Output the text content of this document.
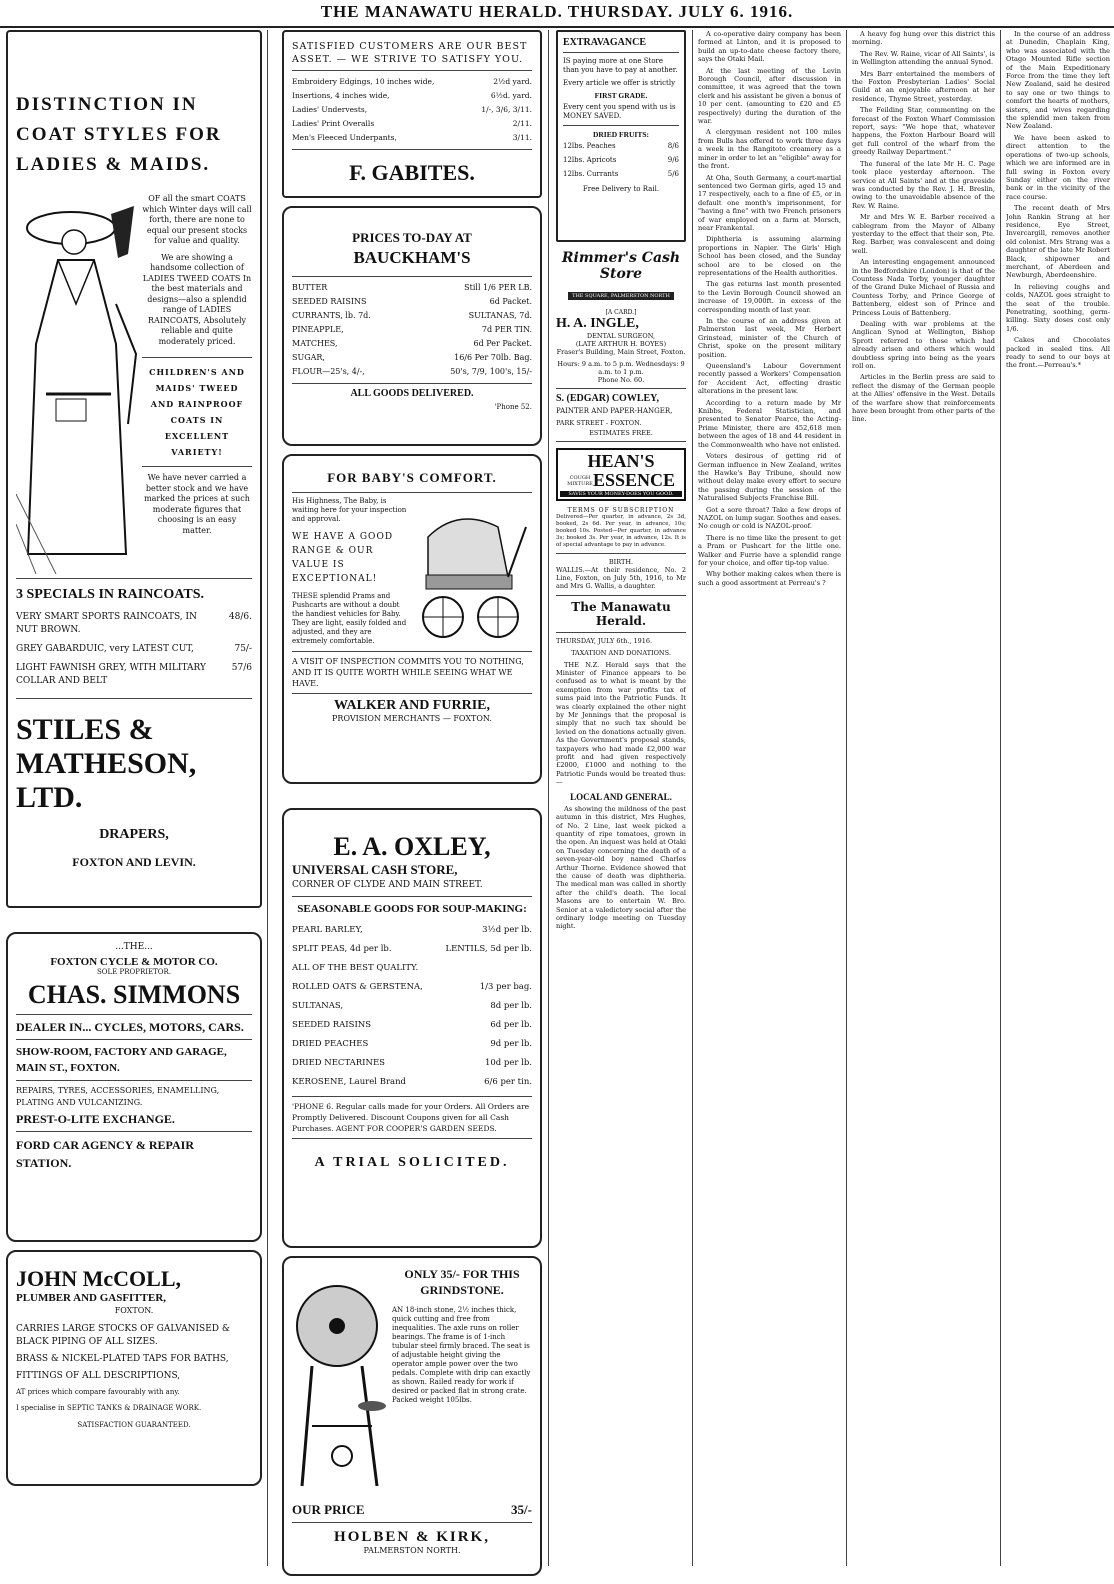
THE MANAWATU HERALD. THURSDAY. JULY 6. 1916.
DISTINCTION IN COAT STYLES FOR LADIES & MAIDS.

OF all the smart COATS which Winter days will call forth, there are none to equal our present stocks for value and quality.

We are showing a handsome collection of LADIES TWEED COATS In the best materials and designs—also a splendid range of LADIES RAINCOATS, Absolutely reliable and quite moderately priced.

CHILDREN'S AND MAIDS' TWEED AND RAINPROOF COATS IN EXCELLENT VARIETY!

We have never carried a better stock and we have marked the prices at such moderate figures that choosing is an easy matter.

3 SPECIALS IN RAINCOATS.
VERY SMART SPORTS RAINCOATS, IN NUT BROWN.
48/6.
GREY GABARDUIC, very LATEST CUT,	75/-
LIGHT FAWNISH GREY, WITH MILITARY COLLAR AND BELT
57/6
STILES & MATHESON, LTD.
DRAPERS,
FOXTON AND LEVIN.
...THE...
FOXTON CYCLE & MOTOR CO.
SOLE PROPRIETOR.
CHAS. SIMMONS
DEALER IN... CYCLES, MOTORS, CARS.
SHOW-ROOM, FACTORY AND GARAGE, MAIN ST., FOXTON.
REPAIRS, TYRES, ACCESSORIES, ENAMELLING, PLATING AND VULCANIZING.
PREST-O-LITE EXCHANGE.
FORD CAR AGENCY & REPAIR STATION.
JOHN McCOLL,
PLUMBER AND GASFITTER,
FOXTON.
CARRIES LARGE STOCKS OF GALVANISED & BLACK PIPING OF ALL SIZES.
BRASS & NICKEL-PLATED TAPS FOR BATHS,
FITTINGS OF ALL DESCRIPTIONS,
AT prices which compare favourably with any.
I specialise in SEPTIC TANKS & DRAINAGE WORK.
SATISFACTION GUARANTEED.
SATISFIED CUSTOMERS ARE OUR BEST ASSET. — WE STRIVE TO SATISFY YOU.
Embroidery Edgings, 10 inches wide,	2½d yard.
Insertions, 4 inches wide,	6½d. yard.
Ladies' Undervests,	1/-, 3/6, 3/11.
Ladies' Print Overalls	2/11.
Men's Fleeced Underpants,	3/11.
F. GABITES.
PRICES TO-DAY AT
BAUCKHAM'S
BUTTER	Still 1/6 PER LB.
SEEDED RAISINS	6d Packet.
CURRANTS, lb. 7d.	SULTANAS, 7d.
PINEAPPLE,	7d PER TIN.
MATCHES,	6d Per Packet.
SUGAR,	16/6 Per 70lb. Bag.
FLOUR—25's, 4/-,	50's, 7/9, 100's, 15/-
ALL GOODS DELIVERED.
'Phone 52.
FOR BABY'S COMFORT.
His Highness, The Baby, is waiting here for your inspection and approval.
WE HAVE A GOOD RANGE & OUR VALUE IS EXCEPTIONAL!
THESE splendid Prams and Pushcarts are without a doubt the handiest vehicles for Baby. They are light, easily folded and adjusted, and they are extremely comfortable.
A VISIT OF INSPECTION COMMITS YOU TO NOTHING, AND IT IS QUITE WORTH WHILE SEEING WHAT WE HAVE.
WALKER AND FURRIE,
PROVISION MERCHANTS — FOXTON.
E. A. OXLEY,
UNIVERSAL CASH STORE,
CORNER OF CLYDE AND MAIN STREET.
SEASONABLE GOODS FOR SOUP-MAKING:
PEARL BARLEY,	3½d per lb.
SPLIT PEAS, 4d per lb.	LENTILS, 5d per lb.
ALL OF THE BEST QUALITY.
ROLLED OATS & GERSTENA,	1/3 per bag.
SULTANAS,	8d per lb.
SEEDED RAISINS	6d per lb.
DRIED PEACHES	9d per lb.
DRIED NECTARINES	10d per lb.
KEROSENE, Laurel Brand	6/6 per tin.
'PHONE 6. Regular calls made for your Orders. All Orders are Promptly Delivered. Discount Coupons given for all Cash Purchases. AGENT FOR COOPER'S GARDEN SEEDS.
A TRIAL SOLICITED.
ONLY 35/- FOR THIS GRINDSTONE.
AN 18-inch stone, 2½ inches thick, quick cutting and free from inequalities. The axle runs on roller bearings. The frame is of 1-inch tubular steel firmly braced. The seat is of adjustable height giving the operator ample power over the two pedals. Complete with drip can exactly as shown. Railed ready for work if desired or packed flat in strong crate. Packed weight 105lbs.
OUR PRICE	35/-
HOLBEN & KIRK,
PALMERSTON NORTH.
EXTRAVAGANCE
IS paying more at one Store than you have to pay at another.
Every article we offer is strictly
FIRST GRADE.
Every cent you spend with us is MONEY SAVED.
DRIED FRUITS:
12lbs. Peaches	8/6
12lbs. Apricots	9/6
12lbs. Currants	5/6
Free Delivery to Rail.
Rimmer's Cash Store
THE SQUARE, PALMERSTON NORTH
[A CARD.]
H. A. INGLE,
DENTAL SURGEON,
(LATE ARTHUR H. BOYES)
Fraser's Building, Main Street, Foxton.
Hours: 9 a.m. to 5 p.m. Wednesdays: 9 a.m. to 1 p.m.
Phone No. 60.
S. (EDGAR) COWLEY,
PAINTER AND PAPER-HANGER,
PARK STREET - FOXTON.
ESTIMATES FREE.
HEAN'S
COUGH MIXTURE ESSENCE
SAVES YOUR MONEY-DOES YOU GOOD.
TERMS OF SUBSCRIPTION
Delivered—Per quarter, in advance, 2s 3d, booked, 2s 6d. Per year, in advance, 10s; booked 10s. Posted—Per quarter, in advance 3s; booked 3s. Per year, in advance, 12s. It is of special advantage to pay in advance.
BIRTH.
WALLIS.—At their residence, No. 2 Line, Foxton, on July 5th, 1916, to Mr and Mrs G. Wallis, a daughter.
The Manawatu Herald.
THURSDAY, JULY 6th., 1916.
TAXATION AND DONATIONS.
THE N.Z. Herald says that the Minister of Finance appears to be confused as to what is meant by the exemption from war profits tax of sums paid into the Patriotic Funds. It was clearly explained the other night by Mr Jennings that the proposal is simply that no such tax should be levied on the donations actually given. As the Government's proposal stands, taxpayers who had made £2,000 war profit and had given respectively £2000, £1000 and nothing to the Patriotic Funds would be treated thus:—
LOCAL AND GENERAL.
As showing the mildness of the past autumn in this district, Mrs Hughes, of No. 2 Line, last week picked a quantity of ripe tomatoes, grown in the open. An inquest was held at Otaki on Tuesday concerning the death of a seven-year-old boy named Charles Arthur Thorne. Evidence showed that the cause of death was diphtheria. The medical man was called in shortly after the child's death. The local Masons are to entertain W. Bro. Senior at a valedictory social after the ordinary lodge meeting on Tuesday night.

A co-operative dairy company has been formed at Linton, and it is proposed to build an up-to-date cheese factory there, says the Otaki Mail.

At the last meeting of the Levin Borough Council, after discussion in committee, it was agreed that the town clerk and his assistant be given a bonus of 10 per cent. (amounting to £20 and £5 respectively) during the duration of the war.

A clergyman resident not 100 miles from Bulls has offered to work three days a week in the Rangitoto creamery as a miner in order to let an "eligible" away for the front.

At Oha, South Germany, a court-martial sentenced two German girls, aged 15 and 17 respectively, each to a fine of £5, or in default one month's imprisonment, for "having a fine" with two French prisoners of war employed on a farm at Morsch, near Frankental.

Diphtheria is assuming alarming proportions in Napier. The Girls' High School has been closed, and the Sunday school are to be closed on the representations of the Health authorities.

The gas returns last month presented to the Levin Borough Council showed an increase of 19,000ft. in excess of the corresponding month of last year.

In the course of an address given at Palmerston last week, Mr Herbert Grinstead, minister of the Church of Christ, spoke on the present military position.

Queensland's Labour Government recently passed a Workers' Compensation for Accident Act, effecting drastic alterations in the present law.

According to a return made by Mr Knibbs, Federal Statistician, and presented to Senator Pearce, the Acting-Prime Minister, there are 452,618 men between the ages of 18 and 44 resident in the Commonwealth who have not enlisted.

Voters desirous of getting rid of German influence in New Zealand, writes the Hawke's Bay Tribune, should now without delay make every effort to secure the passing during the session of the Naturalised Subjects Franchise Bill.

Got a sore throat? Take a few drops of NAZOL on lump sugar. Soothes and eases. No cough or cold is NAZOL-proof.

There is no time like the present to get a Pram or Pushcart for the little one. Walker and Furrie have a splendid range for your choice, and offer tip-top value.

Why bother making cakes when there is such a good assortment at Perreau's ?

A heavy fog hung over this district this morning.

The Rev. W. Raine, vicar of All Saints', is in Wellington attending the annual Synod.

Mrs Barr entertained the members of the Foxton Presbyterian Ladies' Social Guild at an enjoyable afternoon at her residence, Thyme Street, yesterday.

The Feilding Star, commenting on the forecast of the Foxton Wharf Commission report, says: "We hope that, whatever happens, the Foxton Harbour Board will get full control of the wharf from the greedy Railway Department."

The funeral of the late Mr H. C. Page took place yesterday afternoon. The service at All Saints' and at the graveside was conducted by the Rev. J. H. Breslin, owing to the unavoidable absence of the Rev. W. Raine.

Mr and Mrs W. E. Barber received a cablegram from the Mayor of Albany yesterday to the effect that their son, Pte. Reg. Barber, was convalescent and doing well.

An interesting engagement announced in the Bedfordshire (London) is that of the Countess Nada Torby, younger daughter of the Grand Duke Michael of Russia and Countess Torby, and Prince George of Battenberg, eldest son of Prince and Princess Louis of Battenberg.

Dealing with war problems at the Anglican Synod at Wellington, Bishop Sprott referred to those which had already arisen and others which would doubtless spring into being as the years roll on.

Articles in the Berlin press are said to reflect the dismay of the German people at the Allies' offensive in the West. Details of the warfare show that reinforcements have been brought from other parts of the line.

In the course of an address at Dunedin, Chaplain King, who was associated with the Otago Mounted Rifle section of the Main Expeditionary Force from the time they left New Zealand, said he desired to say one or two things to comfort the hearts of mothers, sisters, and wives regarding the splendid men taken from New Zealand.

We have been asked to direct attention to the operations of two-up schools, which we are informed are in full swing in Foxton every Sunday either on the river bank or in the vicinity of the race course.

The recent death of Mrs John Rankin Strang at her residence, Eye Street, Invercargill, removes another old colonist. Mrs Strang was a daughter of the late Mr Robert Black, shipowner and merchant, of Aberdeen and Newburgh, Aberdeenshire.

In relieving coughs and colds, NAZOL goes straight to the seat of the trouble. Penetrating, soothing, germ-killing. Sixty doses cost only 1/6.

Cakes and Chocolates packed in sealed tins. All ready to send to our boys at the front.—Perreau's.*
